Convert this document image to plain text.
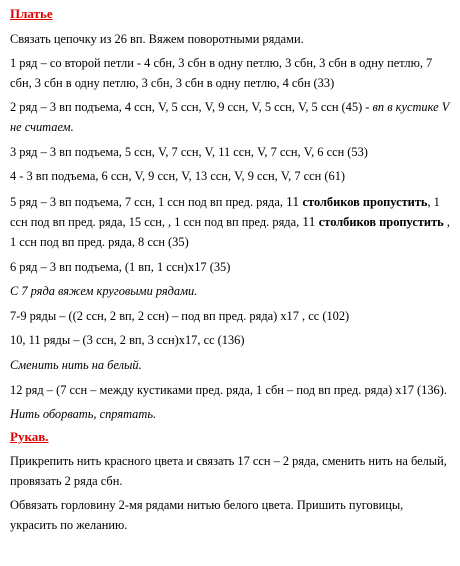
Платье

Связать цепочку из 26 вп. Вяжем поворотными рядами.

1 ряд – со второй петли - 4 сбн, 3 сбн в одну петлю, 3 сбн, 3 сбн в одну петлю, 7 сбн, 3 сбн в одну петлю, 3 сбн, 3 сбн в одну петлю, 4 сбн (33)

2 ряд – 3 вп подъема, 4 ссн, V, 5 ссн, V, 9 ссн, V, 5 ссн, V, 5 ссн (45) - вп в кустике V не считаем.

3 ряд – 3 вп подъема, 5 ссн, V, 7 ссн, V, 11 ссн, V, 7 ссн, V, 6 ссн (53)

4 - 3 вп подъема, 6 ссн, V, 9 ссн, V, 13 ссн, V, 9 ссн, V, 7 ссн (61)

5 ряд – 3 вп подъема, 7 ссн, 1 ссн под вп пред. ряда, 11 столбиков пропустить, 1 ссн под вп пред. ряда, 15 ссн, , 1 ссн под вп пред. ряда, 11 столбиков пропустить , 1 ссн под вп пред. ряда, 8 ссн (35)

6 ряд – 3 вп подъема, (1 вп, 1 ссн)х17 (35)

С 7 ряда вяжем круговыми рядами.

7-9 ряды – ((2 ссн, 2 вп, 2 ссн) – под вп пред. ряда) х17 , сс (102)

10, 11 ряды – (3 ссн, 2 вп, 3 ссн)х17, сс (136)

Сменить нить на белый.

12 ряд – (7 ссн – между кустиками пред. ряда, 1 сбн – под вп пред. ряда) х17 (136).

Нить оборвать, спрятать.

Рукав.

Прикрепить нить красного цвета и связать 17 ссн – 2 ряда, сменить нить на белый, провязать 2 ряда сбн.

Обвязать горловину 2-мя рядами нитью белого цвета. Пришить пуговицы, украсить по желанию.
